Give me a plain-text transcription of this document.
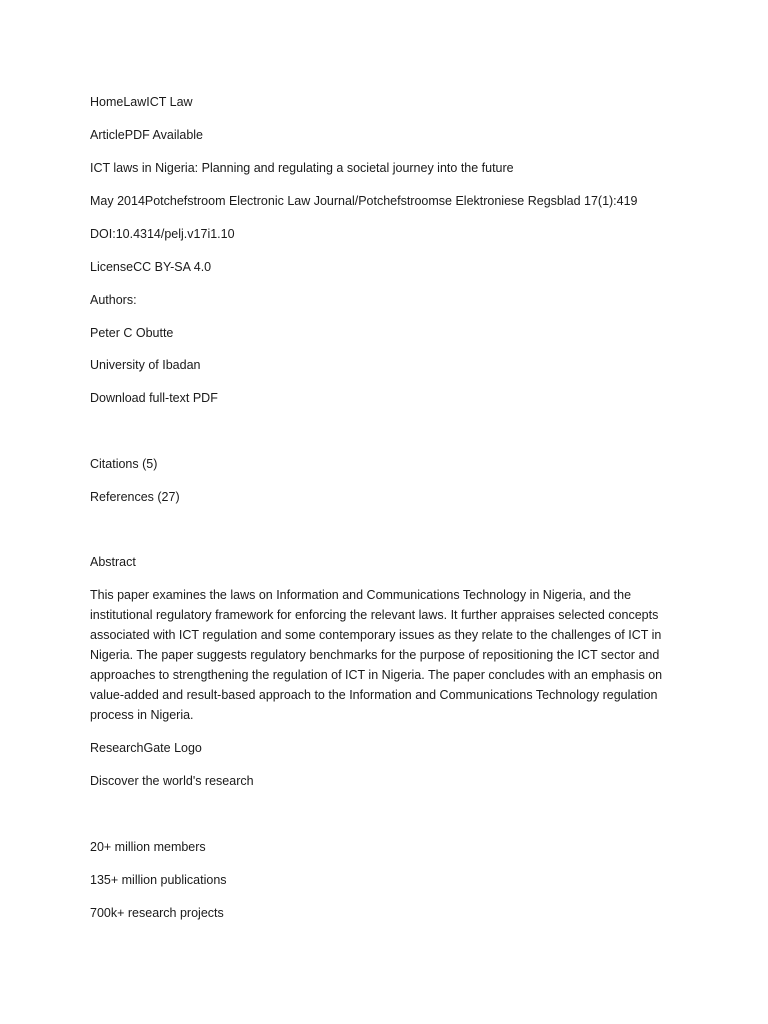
HomeLawICT Law
ArticlePDF Available
ICT laws in Nigeria: Planning and regulating a societal journey into the future
May 2014Potchefstroom Electronic Law Journal/Potchefstroomse Elektroniese Regsblad 17(1):419
DOI:10.4314/pelj.v17i1.10
LicenseCC BY-SA 4.0
Authors:
Peter C Obutte
University of Ibadan
Download full-text PDF
Citations (5)
References (27)
Abstract
This paper examines the laws on Information and Communications Technology in Nigeria, and the institutional regulatory framework for enforcing the relevant laws. It further appraises selected concepts associated with ICT regulation and some contemporary issues as they relate to the challenges of ICT in Nigeria. The paper suggests regulatory benchmarks for the purpose of repositioning the ICT sector and approaches to strengthening the regulation of ICT in Nigeria. The paper concludes with an emphasis on value-added and result-based approach to the Information and Communications Technology regulation process in Nigeria.
ResearchGate Logo
Discover the world's research
20+ million members
135+ million publications
700k+ research projects
